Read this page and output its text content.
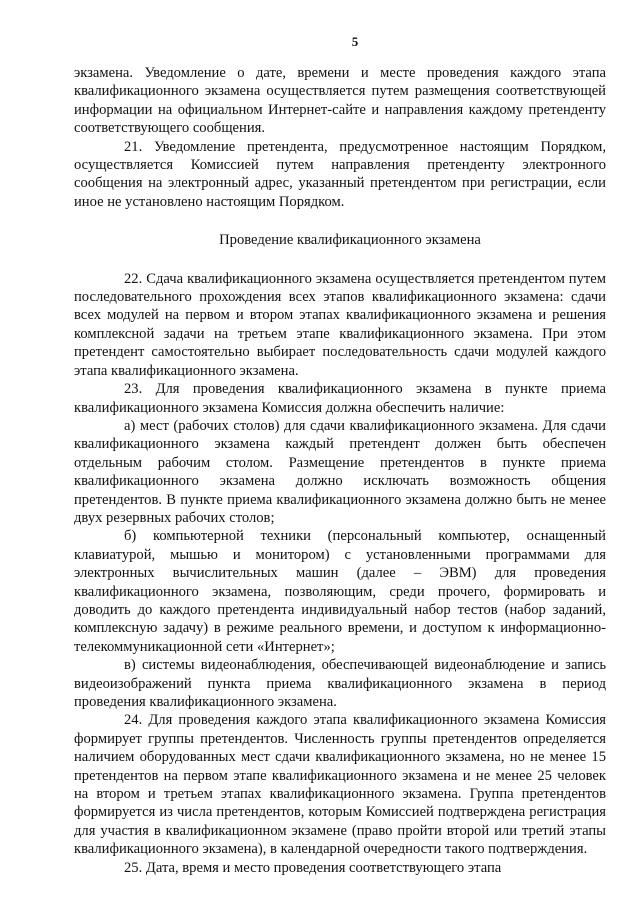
5

экзамена. Уведомление о дате, времени и месте проведения каждого этапа квалификационного экзамена осуществляется путем размещения соответствующей информации на официальном Интернет-сайте и направления каждому претенденту соответствующего сообщения.

21. Уведомление претендента, предусмотренное настоящим Порядком, осуществляется Комиссией путем направления претенденту электронного сообщения на электронный адрес, указанный претендентом при регистрации, если иное не установлено настоящим Порядком.

Проведение квалификационного экзамена

22. Сдача квалификационного экзамена осуществляется претендентом путем последовательного прохождения всех этапов квалификационного экзамена: сдачи всех модулей на первом и втором этапах квалификационного экзамена и решения комплексной задачи на третьем этапе квалификационного экзамена. При этом претендент самостоятельно выбирает последовательность сдачи модулей каждого этапа квалификационного экзамена.

23. Для проведения квалификационного экзамена в пункте приема квалификационного экзамена Комиссия должна обеспечить наличие:

а) мест (рабочих столов) для сдачи квалификационного экзамена. Для сдачи квалификационного экзамена каждый претендент должен быть обеспечен отдельным рабочим столом. Размещение претендентов в пункте приема квалификационного экзамена должно исключать возможность общения претендентов. В пункте приема квалификационного экзамена должно быть не менее двух резервных рабочих столов;

б) компьютерной техники (персональный компьютер, оснащенный клавиатурой, мышью и монитором) с установленными программами для электронных вычислительных машин (далее – ЭВМ) для проведения квалификационного экзамена, позволяющим, среди прочего, формировать и доводить до каждого претендента индивидуальный набор тестов (набор заданий, комплексную задачу) в режиме реального времени, и доступом к информационно-телекоммуникационной сети «Интернет»;

в) системы видеонаблюдения, обеспечивающей видеонаблюдение и запись видеоизображений пункта приема квалификационного экзамена в период проведения квалификационного экзамена.

24. Для проведения каждого этапа квалификационного экзамена Комиссия формирует группы претендентов. Численность группы претендентов определяется наличием оборудованных мест сдачи квалификационного экзамена, но не менее 15 претендентов на первом этапе квалификационного экзамена и не менее 25 человек на втором и третьем этапах квалификационного экзамена. Группа претендентов формируется из числа претендентов, которым Комиссией подтверждена регистрация для участия в квалификационном экзамене (право пройти второй или третий этапы квалификационного экзамена), в календарной очередности такого подтверждения.

25. Дата, время и место проведения соответствующего этапа
